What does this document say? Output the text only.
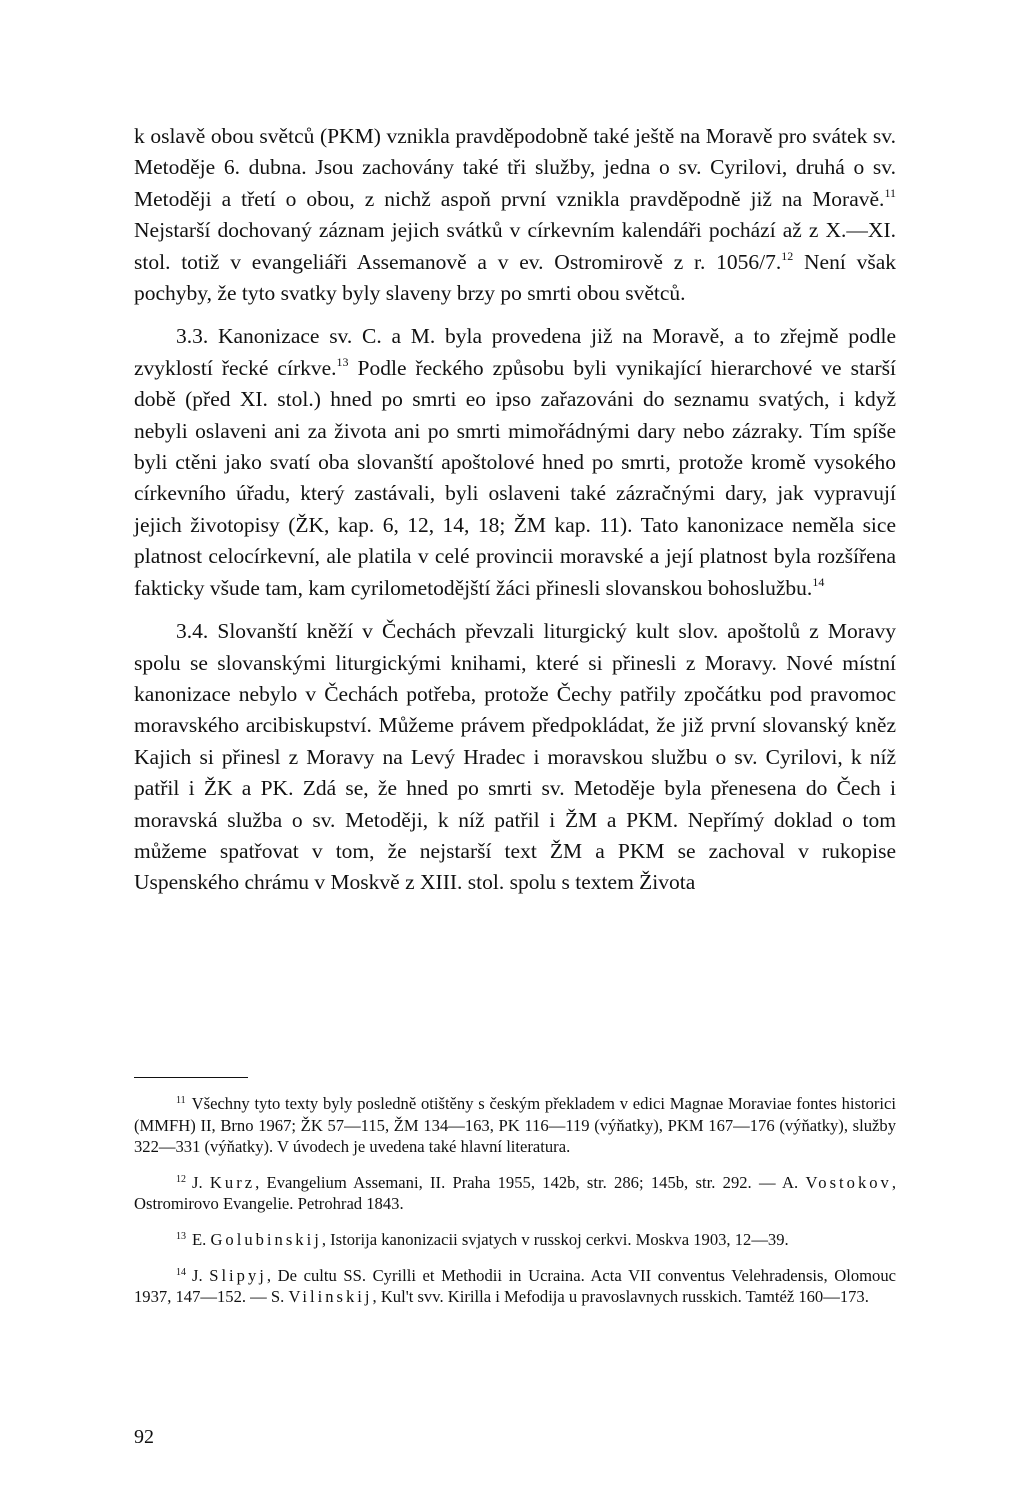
k oslavě obou světců (PKM) vznikla pravděpodobně také ještě na Moravě pro svátek sv. Metoděje 6. dubna. Jsou zachovány také tři služby, jedna o sv. Cyrilovi, druhá o sv. Metoději a třetí o obou, z nichž aspoň první vznikla pravděpodně již na Moravě.$^{11}$ Nejstarší dochovaný záznam jejich svátků v církevním kalendáři pochází až z X.—XI. stol. totiž v evangeliáři Assemanově a v ev. Ostromirově z r. 1056/7.12 Není však pochyby, že tyto svatky byly slaveny brzy po smrti obou světců.

3.3. Kanonizace sv. C. a M. byla provedena již na Moravě, a to zřejmě podle zvyklostí řecké církve.$^{13}$ Podle řeckého způsobu byli vynikající hierarchové ve starší době (před XI. stol.) hned po smrti eo ipso zařazováni do seznamu svatých, i když nebyli oslaveni ani za života ani po smrti mimořádnými dary nebo zázraky. Tím spíše byli ctěni jako svatí oba slovanští apoštolové hned po smrti, protože kromě vysokého církevního úřadu, který zastávali, byli oslaveni také zázračnými dary, jak vypravují jejich životopisy (ŽK, kap. 6, 12, 14, 18; ŽM kap. 11). Tato kanonizace neměla sice platnost celocírkevní, ale platila v celé provincii moravské a její platnost byla rozšířena fakticky všude tam, kam cyrilometodějští žáci přinesli slovanskou bohoslužbu.$^{14}$

3.4. Slovanští kněží v Čechách převzali liturgický kult slov. apoštolů z Moravy spolu se slovanskými liturgickými knihami, které si přinesli z Moravy. Nové místní kanonizace nebylo v Čechách potřeba, protože Čechy patřily zpočátku pod pravomoc moravského arcibiskupství. Můžeme právem předpokládat, že již první slovanský kněz Kajich si přinesl z Moravy na Levý Hradec i moravskou službu o sv. Cyrilovi, k níž patřil i ŽK a PK. Zdá se, že hned po smrti sv. Metoděje byla přenesena do Čech i moravská služba o sv. Metoději, k níž patřil i ŽM a PKM. Nepřímý doklad o tom můžeme spatřovat v tom, že nejstarší text ŽM a PKM se zachoval v rukopise Uspenského chrámu v Moskvě z XIII. stol. spolu s textem Života

$^{11}$ Všechny tyto texty byly posledně otištěny s českým překladem v edici Magnae Moraviae fontes historici (MMFH) II, Brno 1967; ŽK 57—115, ŽM 134—163, PK 116—119 (výňatky), PKM 167—176 (výňatky), služby 322—331 (výňatky). V úvodech je uvedena také hlavní literatura.

$^{12}$ J. Kurz, Evangelium Assemani, II. Praha 1955, 142b, str. 286; 145b, str. 292. — A. Vostokov, Ostromirovo Evangelie. Petrohrad 1843.

$^{13}$ E. Golubinskij, Istorija kanonizacii svjatych v russkoj cerkvi. Moskva 1903, 12—39.

$^{14}$ J. Slipyj, De cultu SS. Cyrilli et Methodii in Ucraina. Acta VII conventus Velehradensis, Olomouc 1937, 147—152. — S. Vilinskij, Kul't svv. Kirilla i Mefodija u pravoslavnych russkich. Tamtéž 160—173.

92
